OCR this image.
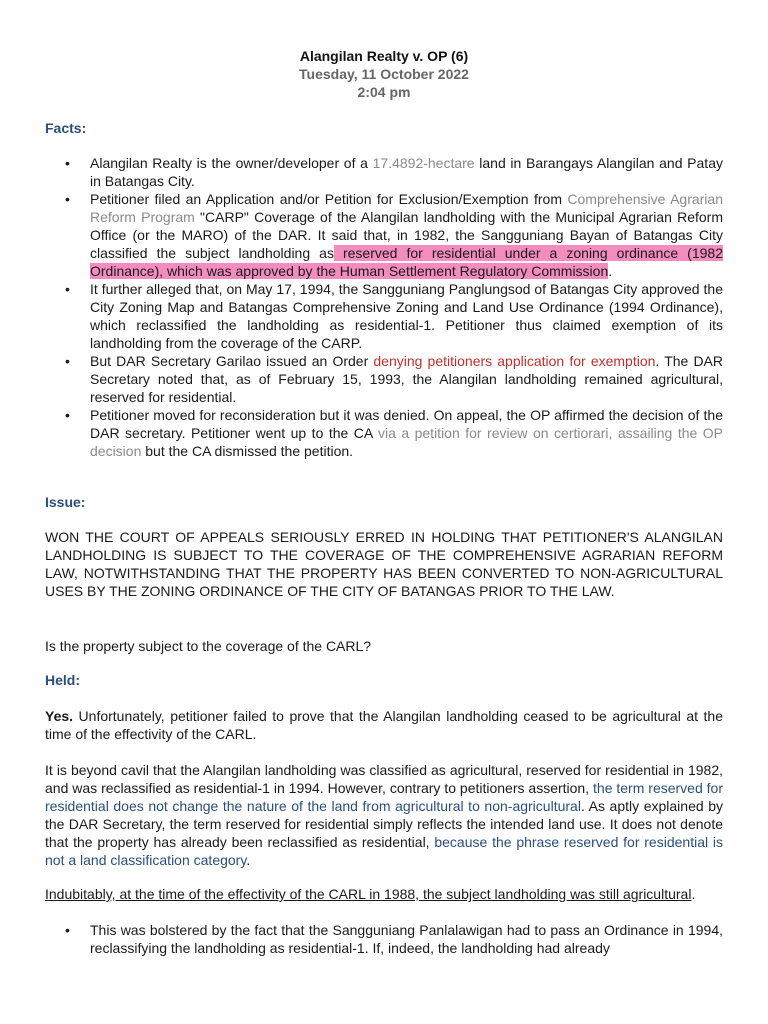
Alangilan Realty v. OP (6)
Tuesday, 11 October 2022
2:04 pm
Facts:
• Alangilan Realty is the owner/developer of a 17.4892-hectare land in Barangays Alangilan and Patay in Batangas City.
• Petitioner filed an Application and/or Petition for Exclusion/Exemption from Comprehensive Agrarian Reform Program "CARP" Coverage of the Alangilan landholding with the Municipal Agrarian Reform Office (or the MARO) of the DAR. It said that, in 1982, the Sangguniang Bayan of Batangas City classified the subject landholding as reserved for residential under a zoning ordinance (1982 Ordinance), which was approved by the Human Settlement Regulatory Commission.
• It further alleged that, on May 17, 1994, the Sangguniang Panglungsod of Batangas City approved the City Zoning Map and Batangas Comprehensive Zoning and Land Use Ordinance (1994 Ordinance), which reclassified the landholding as residential-1. Petitioner thus claimed exemption of its landholding from the coverage of the CARP.
• But DAR Secretary Garilao issued an Order denying petitioners application for exemption. The DAR Secretary noted that, as of February 15, 1993, the Alangilan landholding remained agricultural, reserved for residential.
• Petitioner moved for reconsideration but it was denied. On appeal, the OP affirmed the decision of the DAR secretary. Petitioner went up to the CA via a petition for review on certiorari, assailing the OP decision but the CA dismissed the petition.
Issue:
WON THE COURT OF APPEALS SERIOUSLY ERRED IN HOLDING THAT PETITIONER'S ALANGILAN LANDHOLDING IS SUBJECT TO THE COVERAGE OF THE COMPREHENSIVE AGRARIAN REFORM LAW, NOTWITHSTANDING THAT THE PROPERTY HAS BEEN CONVERTED TO NON-AGRICULTURAL USES BY THE ZONING ORDINANCE OF THE CITY OF BATANGAS PRIOR TO THE LAW.
Is the property subject to the coverage of the CARL?
Held:
Yes. Unfortunately, petitioner failed to prove that the Alangilan landholding ceased to be agricultural at the time of the effectivity of the CARL.
It is beyond cavil that the Alangilan landholding was classified as agricultural, reserved for residential in 1982, and was reclassified as residential-1 in 1994. However, contrary to petitioners assertion, the term reserved for residential does not change the nature of the land from agricultural to non-agricultural. As aptly explained by the DAR Secretary, the term reserved for residential simply reflects the intended land use. It does not denote that the property has already been reclassified as residential, because the phrase reserved for residential is not a land classification category.
Indubitably, at the time of the effectivity of the CARL in 1988, the subject landholding was still agricultural.
• This was bolstered by the fact that the Sangguniang Panlalawigan had to pass an Ordinance in 1994, reclassifying the landholding as residential-1. If, indeed, the landholding had already
